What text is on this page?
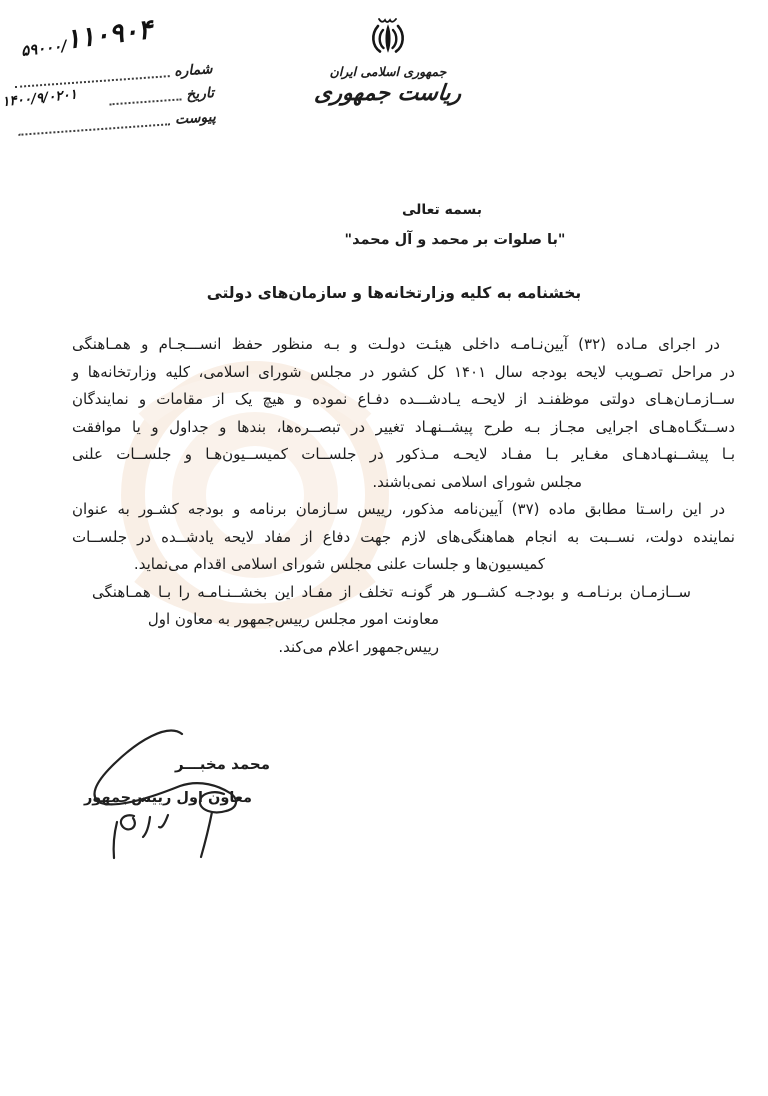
۵۹۰۰۰/۱۱۰۹۰۴
شماره
تاریخ
۱۴۰۰/۹/۰۲۰۱
پیوست
جمهوری اسلامی ایران
ریاست جمهوری
بسمه تعالی
"با صلوات بر محمد و آل محمد"
بخشنامه به کلیه وزارتخانه‌ها و سازمان‌های دولتی
در اجرای مـاده (۳۲) آیین‌نـامـه داخلی هیئـت دولـت و بـه منظور حفظ انســـجـام و همـاهنگی
در مراحل تصـویب لایحه بودجه سال ۱۴۰۱ کل کشور در مجلس شورای اسلامی، کلیه وزارتخانه‌ها و
ســازمـان‌هـای دولتی موظفنـد از لایحـه یـادشـــده دفـاع نموده و هیچ یک از مقامات و نمایندگان
دســتگـاه‌هـای اجرایی مجـاز بـه طرح پیشــنهـاد تغییر در تبصــره‌ها، بندها و جداول و یا موافقت
بـا پیشــنهـادهـای مغـایر بـا مفـاد لایحـه مـذکور در جلســات کمیســیون‌هـا و جلســات علنی
مجلس شورای اسلامی نمی‌باشند.
در این راسـتا مطابق ماده (۳۷) آیین‌نامه مذکور، رییس سـازمان برنامه و بودجه کشـور به عنوان
نماینده دولت، نســبت به انجام هماهنگی‌های لازم جهت دفاع از مفاد لایحه یادشــده در جلســات
کمیسیون‌ها و جلسات علنی مجلس شورای اسلامی اقدام می‌نماید.
ســازمـان برنـامـه و بودجـه کشــور هر گونـه تخلف از مفـاد این بخشــنـامـه را بـا همـاهنگی
معاونت امور مجلس رییس‌جمهور به معاون اول رییس‌جمهور اعلام می‌کند.
محمد مخبـــر
معاون اول رییس‌جمهور
